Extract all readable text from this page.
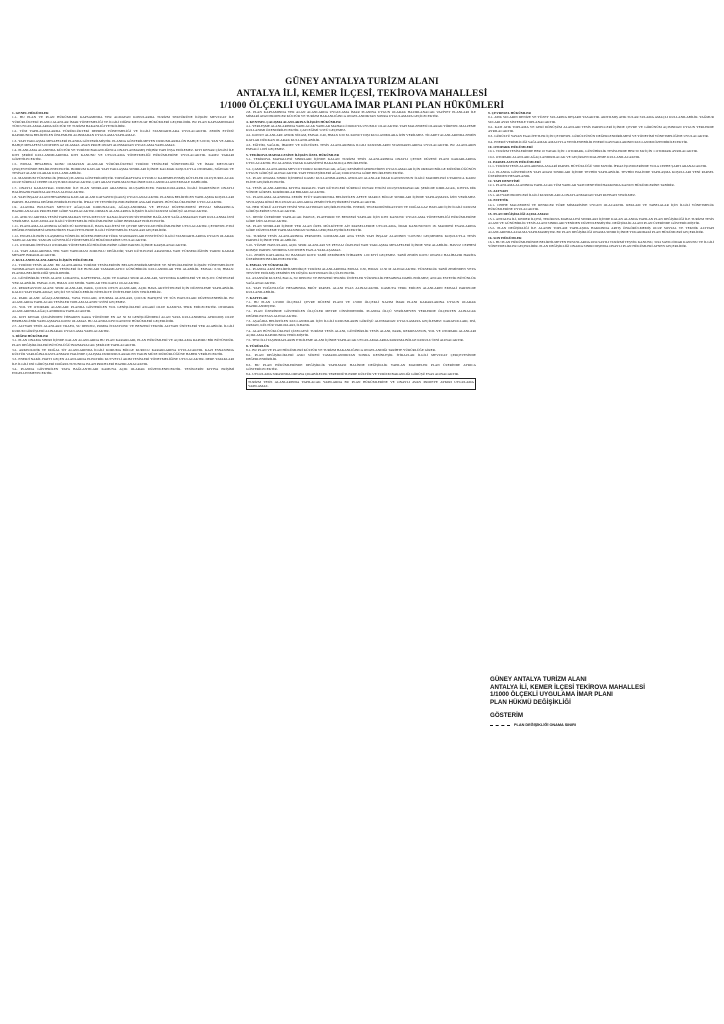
GÜNEY ANTALYA TURİZM ALANI
ANTALYA İLİ, KEMER İLÇESİ, TEKİROVA MAHALLESİ
1/1000 ÖLÇEKLİ UYGULAMA İMAR PLANI PLAN HÜKÜMLERİ
1- GENEL HÜKÜMLER
1.1- BU PLAN VE PLAN HÜKÜMLERİ KAPSAMINDA YER ALMAYAN KONULARDA TURİZM SEKTÖRÜNE İLİŞKİN MEVZUAT İLE YÜRÜRLÜKTEKİ PLANLI ALANLAR İMAR YÖNETMELİĞİ VE İLGİLİ DİĞER MEVZUAT HÜKÜMLERİ GEÇERLİDİR. BU PLAN KAPSAMINDAKİ TÜM UYGULAMALARDA KÜLTÜR VE TURİZM BAKANLIĞI YETKİLİDİR.
1.2- TÜM YAPILAŞMALARDA YÜRÜRLÜKTEKİ DEPREM YÖNETMELİĞİ VE İLGİLİ STANDARTLARA UYULACAKTIR. ZEMİN ETÜDÜ RAPORUNDA BELİRTİLEN ÖNLEMLER ALINMADAN UYGULAMA YAPILAMAZ.
1.3- YAPI YAKLAŞMA MESAFELERİ PLANDA GÖSTERİLMİŞTİR. PLANDA GÖSTERİLMEYEN DURUMLARDA ÖN BAHÇE 5.00 M, YAN VE ARKA BAHÇE MESAFESİ 5.00 M'DEN AZ OLAMAZ. AVAN PROJE ONAYI ALINMADAN UYGULAMA YAPILAMAZ.
1.4- PLANLAMA ALANINDA KÜLTÜR VE TURİZM BAKANLIĞINCA ONAYLANMAMIŞ HİÇBİR YAPI İNŞA EDİLEMEZ. KIYI KENAR ÇİZGİSİ İLE KIYI ŞERİDİ KULLANIMLARINDA KIYI KANUNU VE UYGULAMA YÖNETMELİĞİ HÜKÜMLERİNE UYULACAKTIR. KAMU YARARI GÖZETİLECEKTİR.
1.5- EMSAL HESABINA KONU OLMAYAN ALANLAR YÜRÜRLÜKTEKİ TURİZM TESİSLERİ YÖNETMELİĞİ VE İMAR MEVZUATI ÇERÇEVESİNDE BELİRLENECEKTİR. BODRUM KATLAR YAPI YAKLAŞMA SINIRLARI İÇİNDE KALMAK KOŞULUYLA OTOPARK, SIĞINAK VE TESİSAT ALANI OLARAK KULLANILABİLİR.
1.6- MAXIMUM YÜKSEKLİK (HMAX) PLANDA GÖSTERİLMİŞTİR. TOPOĞRAFYAYA UYUMLU KADEMELENMİŞ KÜTLELER OLUŞTURULACAK OLUP SÜREKLİ CEPHE OLUŞTURULMAYACAKTIR. ÇATI ARASI YAPILMASI HALİNDE KULLANIM ALANI EMSALE DAHİLDİR.
1.7- ONAYLI KADASTRAL DURUMU İLE PLAN SINIRLARI ARASINDA OLUŞABİLECEK FARKLILIKLARDA İLGİLİ İDARESİNCE ONAYLI HALİHAZIR HARİTALAR ESAS ALINACAKTIR.
1.8- YAPI İNŞAAT ALANI HESABINDA KATLAR ALANI KATSAYISI (KAKS) UYGULANACAKTIR. PLANDA BELİRTİLEN YAPILAŞMA KOŞULLARI PARSEL BAZINDA DEĞERLENDİRİLECEKTİR. İFRAZ VE TEVHİD İŞLEMLERİNDE ASGARİ PARSEL BÜYÜKLÜKLERİNE UYULACAKTIR.
1.9- ALANDA BULUNAN MEVCUT AĞAÇLAR KORUNACAK, AĞAÇLANDIRMA VE PEYZAJ DÜZENLEMESİ PEYZAJ MİMARINCA HAZIRLANACAK PROJELERE GÖRE YAPILACAKTIR. ORMAN ALANLARINA İLİŞKİN İLGİLİ KURUM GÖRÜŞÜ ALINACAKTIR.
1.10- ATIK SU ARITMA TESİSİ YAPILMADAN VEYA MEVCUT KANALİZASYON SİSTEMİNE BAĞLANTI SAĞLANMADAN YAPI KULLANMA İZNİ VERİLMEZ. KATI ATIKLAR İLGİLİ YÖNETMELİK HÜKÜMLERİNE GÖRE BERTARAF EDİLECEKTİR.
1.11- PLANLAMA ALANINDA GÜRÜLTÜ KONTROLÜ, HAVA KALİTESİ VE ÇEVRE MEVZUATI HÜKÜMLERİNE UYULACAKTIR. ÇEVRESEL ETKİ DEĞERLENDİRMESİ GEREKTİREN FAALİYETLERDE İLGİLİ YÖNETMELİK ESASLARI GEÇERLİDİR.
1.12- ENGELLİLERİN ULAŞIMINA YÖNELİK DÜZENLEMELER TÜRK STANDARTLARI ENSTİTÜSÜ İLGİLİ STANDARTLARINA UYGUN OLARAK YAPILACAKTIR. YANGIN GÜVENLİĞİ YÖNETMELİĞİ HÜKÜMLERİNE UYULACAKTIR.
1.13- OTOPARK İHTİYACI OTOPARK YÖNETMELİĞİ HÜKÜMLERİNE GÖRE PARSEL İÇİNDE KARŞILANACAKTIR.
1.14- YAPI ADALARINDA TEK YAPI YAPILMASI ZORUNLU DEĞİLDİR; YAPI KÜTLELERİ ARASINDA YAPI YÜKSEKLİĞİNİN YARISI KADAR MESAFE BIRAKILACAKTIR.
2- KULLANIM ALANLARINA İLİŞKİN HÜKÜMLER
2.1- TURİZM TESİS ALANI: BU ALANLARDA TURİZM TESİSLERİNİN BELGELENDİRİLMESİNE VE NİTELİKLERİNE İLİŞKİN YÖNETMELİKTE TANIMLANAN KONAKLAMA TESİSLERİ İLE BUNLARI TAMAMLAYICI GÜNÜBİRLİK KULLANIMLAR YER ALABİLİR. EMSAL: 0.30, HMAX: PLANDA BELİRTİLDİĞİ ŞEKİLDEDİR.
2.2- GÜNÜBİRLİK TESİS ALANI: LOKANTA, KAFETERYA, AÇIK VE KAPALI SPOR ALANLARI, SOYUNMA KABİNLERİ VE DUŞ-WC ÜNİTELERİ YER ALABİLİR. EMSAL 0.05, HMAX 4.50 M'DİR. YAPILAR TEK KATLI OLACAKTIR.
2.3- REKREASYON ALANI: SPOR ALANLARI, PARK, ÇOCUK OYUN ALANLARI, AÇIK HAVA AKTİVİTELERİ İÇİN DÜZENLEME YAPILABİLİR. KALICI YAPI YAPILAMAZ; GEÇİCİ VE SÖKÜLEBİLİR NİTELİKTE ÜNİTELERE İZİN VERİLEBİLİR.
2.4- PARK ALANI: AĞAÇLANDIRMA, YAYA YOLLARI, OTURMA ALANLARI, ÇOCUK BAHÇESİ VE SÜS HAVUZLARI DÜZENLENEBİLİR. BU ALANLARDA YAPILACAK TESİSLER TOPLAM ALANIN %5'İNİ GEÇEMEZ.
2.5- YOL VE OTOPARK ALANLARI: PLANDA GÖSTERİLEN YOL GENİŞLİKLERİ ASGARİ OLUP KAMUYA TERK EDİLECEKTİR. OTOPARK ALANLARINDA AĞAÇLANDIRMA YAPILACAKTIR.
2.6- KIYI KENAR ÇİZGİSİNDEN İTİBAREN KARA YÖNÜNDE EN AZ 50 M GENİŞLİĞİNDEKİ ALAN YAYA KULLANIMINA AYRILMIŞ OLUP HERHANGİ BİR YAPILAŞMAYA KONU OLAMAZ. BU ALANDA KIYI KANUNU HÜKÜMLERİ GEÇERLİDİR.
2.7- ALTYAPI TESİS ALANLARI: TRAFO, SU DEPOSU, POMPA İSTASYONU VE BENZERİ TEKNİK ALTYAPI ÜNİTELERİ YER ALABİLİR. İLGİLİ KURUM GÖRÜŞLERİ ALINARAK UYGULAMA YAPILACAKTIR.
3- DİĞER HÜKÜMLER
3.1- PLAN ONAMA SINIRI İÇİNDE KALAN ALANLARDA BU PLAN KARARLARI, PLAN HÜKÜMLERİ VE AÇIKLAMA RAPORU BİR BÜTÜNDÜR. PLAN DEĞİŞİKLİKLERİ BÜTÜNLÜĞÜ BOZMAYACAK ŞEKİLDE YAPILACAKTIR.
3.2- ARKEOLOJİK VE DOĞAL SİT ALANLARINDA İLGİLİ KORUMA BÖLGE KURULU KARARLARINA UYULACAKTIR. KAZI ESNASINDA KÜLTÜR VARLIĞINA RASTLANMASI HALİNDE ÇALIŞMA DURDURULARAK EN YAKIN MÜZE MÜDÜRLÜĞÜNE HABER VERİLECEKTİR.
3.3- ENERJİ NAKİL HATTI GEÇEN ALANLARDA ELEKTRİK KUVVETLİ AKIM TESİSLERİ YÖNETMELİĞİNE UYULACAKTIR. DERE YATAKLARI İLE İLGİLİ DSİ GÖRÜŞLERİ DOĞRULTUSUNDA ISLAH PROJELERİ HAZIRLANACAKTIR.
3.4- PLANDA GÖSTERİLEN YAYA BAĞLANTILARI KAMUYA AÇIK OLARAK DÜZENLENECEKTİR. TESİSLERİN KIYIYA ERİŞİMİ ENGELLENMEYECEKTİR.
2.8- PLAN KAPSAMINDA YER ALAN ALANLARDA UYGULAMA İMAR PLANINA UYGUN OLARAK HAZIRLANACAK VAZİYET PLANLARI İLE MİMARİ AVAN PROJELER KÜLTÜR VE TURİZM BAKANLIĞINCA ONAYLANDIKTAN SONRA UYGULAMAYA GEÇİLECEKTİR.
4- KENTSEL ÇALIŞMA ALANLARINA İLİŞKİN HÜKÜMLER
4.1- YERLEŞME ALANLARINDA YAPILACAK YAPILAR MAHALLİ DOKUYA UYUMLU OLACAKTIR. YAPI MALZEMESİ OLARAK YÖRESEL MALZEME KULLANIMI ÖZENDİRİLECEKTİR. ÇATI EĞİMİ %33'Ü GEÇEMEZ.
4.2- KONUT ALANLARI: AYRIK NİZAM, EMSAL 0.40, HMAX 6.50 M. KONUT DIŞI KULLANIMLARA İZİN VERİLMEZ. TİCARET ALANLARINDA ZEMİN KATLAR DÜKKAN OLARAK KULLANILABİLİR.
4.3- EĞİTİM, SAĞLIK, İBADET VE KÜLTÜREL TESİS ALANLARINDA ILGILI KURUMLARIN STANDARTLARINA UYULACAKTIR. BU ALANLARIN EMSALİ 1.00'İ GEÇEMEZ.
5- TEKİROVA MAHALLESİNE İLİŞKİN ÖZEL HÜKÜMLER
5.1- TEKİROVA MAHALLESİ SINIRLARI İÇİNDE KALAN TURİZM TESİS ALANLARINDA ONAYLI ÇEVRE DÜZENİ PLANI KARARLARINA UYULACAKTIR. BU ALANDA YATAK KAPASİTESİ BAKANLIKÇA BELİRLENİR.
5.2- ÇAMLIK ALANLARDA MEVCUT DOKU KORUNACAK, AĞAÇ KESİMİNİ GEREKTİREN UYGULAMALAR İÇİN ORMAN BÖLGE MÜDÜRLÜĞÜNÜN UYGUN GÖRÜŞÜ ALINACAKTIR. YAPI YERLEŞİMLERİ AĞAÇ DOKUSUNA GÖRE BELİRLENECEKTİR.
5.3- PLAN ONAMA SINIRI İÇİNDEKİ KAMU KULLANIMLARINA AYRILAN ALANLAR İMAR KANUNUNUN İLGİLİ MADDELERİ UYARINCA KAMU ELİNE GEÇİRİLECEKTİR.
5.4- TESİS ALANLARINDA KIYIYA PARALEL YAPI KÜTLELERİ SÜREKLİ DUVAR ETKİSİ OLUŞTURMAYACAK ŞEKİLDE KIRILACAK, KIYIYA DİK YÖNDE GÖRSEL KORİDORLAR BIRAKILACAKTIR.
5.5- PLANLAMA ALANINDA ZEMİN ETÜT RAPORUNDA BELİRTİLEN AFETE MARUZ BÖLGE SINIRLARI İÇİNDE YAPILAŞMAYA İZİN VERİLMEZ. SIVILAŞMA RİSKİ BULUNAN ALANLARDA ZEMİN İYİLEŞTİRMESİ YAPILACAKTIR.
5.6- HER TÜRLÜ ALTYAPI TESİSİ YER ALTINDAN GEÇİRİLECEKTİR. ENERJİ, TELEKOMÜNİKASYON VE DOĞALGAZ HATLARI İÇİN İLGİLİ KURUM GÖRÜŞLERİNE UYULACAKTIR.
5.7- DENİZ ÜZERİNDE YAPILACAK İSKELE, PLATFORM VE BENZERİ YAPILAR İÇİN KIYI KANUNU UYGULAMA YÖNETMELİĞİ HÜKÜMLERİNE GÖRE İZİN ALINACAKTIR.
5.8- PLAN SINIRLARI İÇİNDE YER ALAN ÖZEL MÜLKİYETE AİT PARSELLERDE UYGULAMA, İMAR KANUNUNUN 18. MADDESİ ESASLARINA GÖRE DÜZENLEME YAPILMASINDAN SONRA GERÇEKLEŞTİRİLECEKTİR.
5.9- TURİZM TESİS ALANLARINDA PERSONEL LOJMANLARI ANA TESİS YAPI İNŞAAT ALANININ %10'UNU GEÇMEMEK KOŞULUYLA TESİS PARSELİ İÇİNDE YER ALABİLİR.
5.10- YÜZME HAVUZLARI, AÇIK SPOR ALANLARI VE PEYZAJ ÖGELERİ YAPI YAKLAŞMA MESAFELERİ İÇİNDE YER ALABİLİR. HAVUZ CEPHESİ KOMŞU PARSEL SINIRINA 3.00 M'DEN FAZLA YAKLAŞAMAZ.
5.11- ZEMİN KATLARDA SU BASMAN KOTU TABİİ ZEMİNDEN İTİBAREN 1.00 M'Yİ GEÇEMEZ. TABİİ ZEMİN KOTU ONAYLI HALİHAZIR HARİTA ÜZERİNDEN BELİRLENECEKTİR.
6- EMSAL VE YÜKSEKLİK
6.1- PLANDA AKSİ BELİRTİLMEDİKÇE TURİZM ALANLARINDA EMSAL 0.30, HMAX 12.50 M ALINACAKTIR. YÜKSEKLİK TABİİ ZEMİNDEN VEYA TESVİYE EDİLMİŞ ZEMİNİN EN DÜŞÜK KOTUNDAN ÖLÇÜLECEKTİR.
6.2- ASANSÖR KULESİ, BACA, SU DEPOSU VE BENZERİ TEKNİK ÜNİTELER YÜKSEKLİK HESABINA DAHİL EDİLMEZ; ANCAK ESTETİK BÜTÜNLÜK SAĞLANACAKTIR.
6.3- YAPI YOĞUNLUĞU HESABINDA BRÜT PARSEL ALANI ESAS ALINACAKTIR. KAMUYA TERK EDİLEN ALANLARIN EMSALİ PARSELDE KULLANILABİLİR.
7- KAYITLAR
7.1- BU PLAN 1/25000 ÖLÇEKLİ ÇEVRE DÜZENİ PLANI VE 1/5000 ÖLÇEKLİ NAZIM İMAR PLANI KARARLARINA UYGUN OLARAK HAZIRLANMIŞTIR.
7.2- PLAN ÜZERİNDE GÖSTERİLEN ÖLÇÜLER METRE CİNSİNDENDİR. PLANDA ÖLÇÜ VERİLMEYEN YERLERDE ÖLÇEKTEN ALINACAK DEĞERLER ESAS ALINACAKTIR.
7.3- AŞAĞIDA BELİRTİLEN KULLANIMLAR İÇİN İLGİLİ KURUMLARIN GÖRÜŞÜ ALINMADAN UYGULAMAYA GEÇİLEMEZ: KARAYOLLARI, DSİ, ORMAN, KÜLTÜR VARLIKLARI, İLBANK.
7.4- ALAN BÜYÜKLÜKLERİ ÇİZELGESİ: TURİZM TESİS ALANI, GÜNÜBİRLİK TESİS ALANI, PARK, REKREASYON, YOL VE OTOPARK ALANLARI AÇIKLAMA RAPORUNDA VERİLMİŞTİR.
7.5- TESCİLLİ TAŞINMAZLARIN ETKİLEME ALANI İÇİNDE YAPILACAK UYGULAMALARDA KORUMA BÖLGE KURULU İZNİ ALINACAKTIR.
8- YÜRÜRLÜK
8.1- BU PLAN VE PLAN HÜKÜMLERİ KÜLTÜR VE TURİZM BAKANLIĞINCA ONAYLANDIĞI TARİHTE YÜRÜRLÜĞE GİRER.
8.2- PLAN DEĞİŞİKLİKLERİ ASKI SÜRESİ TAMAMLANDIKTAN SONRA KESİNLEŞİR. İTİRAZLAR İLGİLİ MEVZUAT ÇERÇEVESİNDE DEĞERLENDİRİLİR.
8.3- BU PLAN HÜKÜMLERİNDE DEĞİŞİKLİK YAPILMASI HALİNDE DEĞİŞİKLİK YAPILAN MADDELER PLAN ÜZERİNDE AYRICA GÖSTERİLECEKTİR.
8.4- UYGULAMA SIRASINDA ORTAYA ÇIKABİLECEK TEREDDÜTLERDE KÜLTÜR VE TURİZM BAKANLIĞI GÖRÜŞÜ ESAS ALINACAKTIR.
TURİZM TESİS ALANLARINDA YAPILACAK YAPILARDA BU PLAN HÜKÜMLERİNE VE ONAYLI AVAN PROJEYE AYKIRI UYGULAMA YAPILAMAZ.
9- ÇEVRESEL HÜKÜMLER
9.1- ATIK SULARIN DENİZE VE YÜZEY SULARINA DEŞARJI YASAKTIR. ARITILMIŞ ATIK SULAR SULAMA AMAÇLI KULLANILABİLİR. YAĞMUR SULARI AYRI SİSTEMLE TOPLANACAKTIR.
9.2- KATI ATIK TOPLAMA VE GERİ DÖNÜŞÜM ALANLARI TESİS PARSELLERİ İÇİNDE ÇEVRE VE GÖRÜNÜM AÇISINDAN UYGUN YERLERDE AYRILACAKTIR.
9.3- GÜRÜLTÜ YAYAN FAALİYETLER İÇİN ÇEVRESEL GÜRÜLTÜNÜN DEĞERLENDİRİLMESİ VE YÖNETİMİ YÖNETMELİĞİNE UYULACAKTIR.
9.4- ENERJİ VERİMLİLİĞİ SAĞLAMAK AMACIYLA YENİLENEBİLİR ENERJİ KAYNAKLARININ KULLANIMI ÖZENDİRİLECEKTİR.
10- OTOPARK HÜKÜMLERİ
10.1- TURİZM TESİSLERİNDE HER 10 YATAK İÇİN 1 OTOPARK, GÜNÜBİRLİK TESİSLERDE HER 50 M2 İÇİN 1 OTOPARK AYRILACAKTIR.
10.2- OTOPARK ALANLARI AĞAÇLANDIRILACAK VE GEÇİRGEN MALZEME KULLANILACAKTIR.
11- PARSELASYON HÜKÜMLERİ
11.1- TURİZM TESİS ALANLARINDA ASGARİ PARSEL BÜYÜKLÜĞÜ 5000 M2'DİR. İFRAZ İŞLEMLERİNDE YOLA CEPHE ŞARTI ARANACAKTIR.
11.2- PLANDA GÖSTERİLEN YAPI ADASI SINIRLARI İÇİNDE TEVHİD YAPILABİLİR. TEVHİD HALİNDE YAPILAŞMA KOŞULLARI YENİ PARSEL ÜZERİNDEN HESAPLANIR.
12- YAPI DENETİMİ
12.1- PLANLAMA ALANINDA YAPILACAK TÜM YAPILAR YAPI DENETİMİ HAKKINDA KANUN HÜKÜMLERİNE TABİDİR.
13- ALTYAPI
13.1- ALTYAPI PROJELERİ İLGİLİ KURUMLARCA ONAYLANMADAN YAPI RUHSATI VERİLMEZ.
14- ESTETİK
14.1- CEPHE MALZEMESİ VE RENKLER YÖRE MİMARİSİNE UYGUN OLACAKTIR. REKLAM VE TABELALAR İÇİN İLGİLİ YÖNETMELİK HÜKÜMLERİNE UYULACAKTIR.
15- PLAN DEĞİŞİKLİĞİ AÇIKLAMASI
15.1- ANTALYA İLİ, KEMER İLÇESİ, TEKİROVA MAHALLESİ SINIRLARI İÇİNDE KALAN ALANDA YAPILAN PLAN DEĞİŞİKLİĞİ İLE TURİZM TESİS ALANI VE GÜNÜBİRLİK TESİS ALANI SINIRLARI YENİDEN DÜZENLENMİŞTİR. DEĞİŞİKLİK ALANI PLAN ÜZERİNDE GÖSTERİLMİŞTİR.
15.2- PLAN DEĞİŞİKLİĞİ İLE ALANIN TOPLAM YAPILAŞMA HAKKINDA ARTIŞ ÖNGÖRÜLMEMİŞ OLUP SOSYAL VE TEKNİK ALTYAPI ALANLARINDA AZALMA YAPILMAMIŞTIR. BU PLAN DEĞİŞİKLİĞİ ONAMA SINIRI İÇİNDE YUKARIDAKİ PLAN HÜKÜMLERİ GEÇERLİDİR.
16- SON HÜKÜMLER
16.1- BU PLAN HÜKÜMLERİNDE BELİRTİLMEYEN HUSUSLARDA 2634 SAYILI TURİZMİ TEŞVİK KANUNU, 3194 SAYILI İMAR KANUNU VE İLGİLİ YÖNETMELİKLER GEÇERLİDİR. PLAN DEĞİŞİKLİĞİ ONAMA SINIRI DIŞINDA ONAYLI PLAN HÜKÜMLERİ AYNEN GEÇERLİDİR.
GÜNEY ANTALYA TURİZM ALANI
ANTALYA İLİ, KEMER İLÇESİ TEKİROVA MAHALLESİ
1/1000 ÖLÇEKLİ UYGULAMA İMAR PLANI
PLAN HÜKMÜ DEĞİŞİKLİĞİ
GÖSTERİM
PLAN DEĞİŞİKLİĞİ ONAMA SINIRI
